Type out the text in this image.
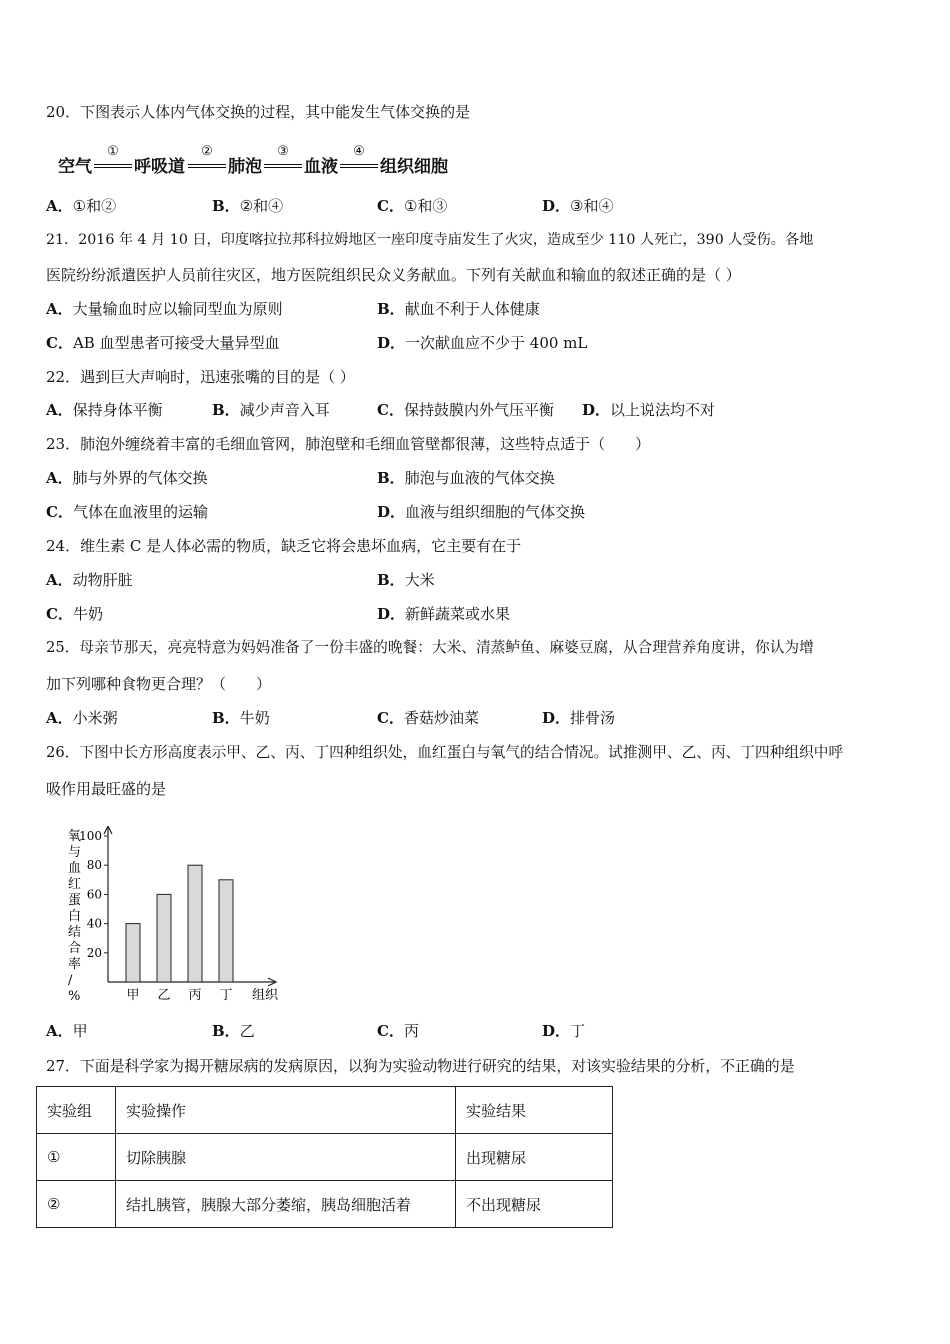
20．下图表示人体内气体交换的过程，其中能发生气体交换的是
空气
①
呼吸道
②
肺泡
③
血液
④
组织细胞
A．①和②	B．②和④	C．①和③	D．③和④
21．2016 年 4 月 10 日，印度喀拉拉邦科拉姆地区一座印度寺庙发生了火灾，造成至少 110 人死亡，390 人受伤。各地
医院纷纷派遣医护人员前往灾区，地方医院组织民众义务献血。下列有关献血和输血的叙述正确的是（ ）
A．大量输血时应以输同型血为原则	B．献血不利于人体健康
C．AB 血型患者可接受大量异型血	D．一次献血应不少于 400 mL
22．遇到巨大声响时，迅速张嘴的目的是（ ）
A．保持身体平衡	B．减少声音入耳	C．保持鼓膜内外气压平衡 D．以上说法均不对
23．肺泡外缠绕着丰富的毛细血管网，肺泡壁和毛细血管壁都很薄，这些特点适于（　　）
A．肺与外界的气体交换	B．肺泡与血液的气体交换
C．气体在血液里的运输	D．血液与组织细胞的气体交换
24．维生素 C 是人体必需的物质，缺乏它将会患坏血病，它主要有在于
A．动物肝脏	B．大米
C．牛奶	D．新鲜蔬菜或水果
25．母亲节那天，亮亮特意为妈妈准备了一份丰盛的晚餐：大米、清蒸鲈鱼、麻婆豆腐，从合理营养角度讲，你认为增
加下列哪种食物更合理？（　　）
A．小米粥	B．牛奶	C．香菇炒油菜	D．排骨汤
26．下图中长方形高度表示甲、乙、丙、丁四种组织处，血红蛋白与氧气的结合情况。试推测甲、乙、丙、丁四种组织中呼
吸作用最旺盛的是
氧
与
血
红
蛋
白
结
合
率
/
%
100
80
60
40
20
甲 乙 丙 丁 组织
A．甲	B．乙	C．丙	D．丁
27．下面是科学家为揭开糖尿病的发病原因，以狗为实验动物进行研究的结果，对该实验结果的分析，不正确的是
实验组	实验操作	实验结果
①	切除胰腺	出现糖尿
②	结扎胰管，胰腺大部分萎缩，胰岛细胞活着	不出现糖尿
